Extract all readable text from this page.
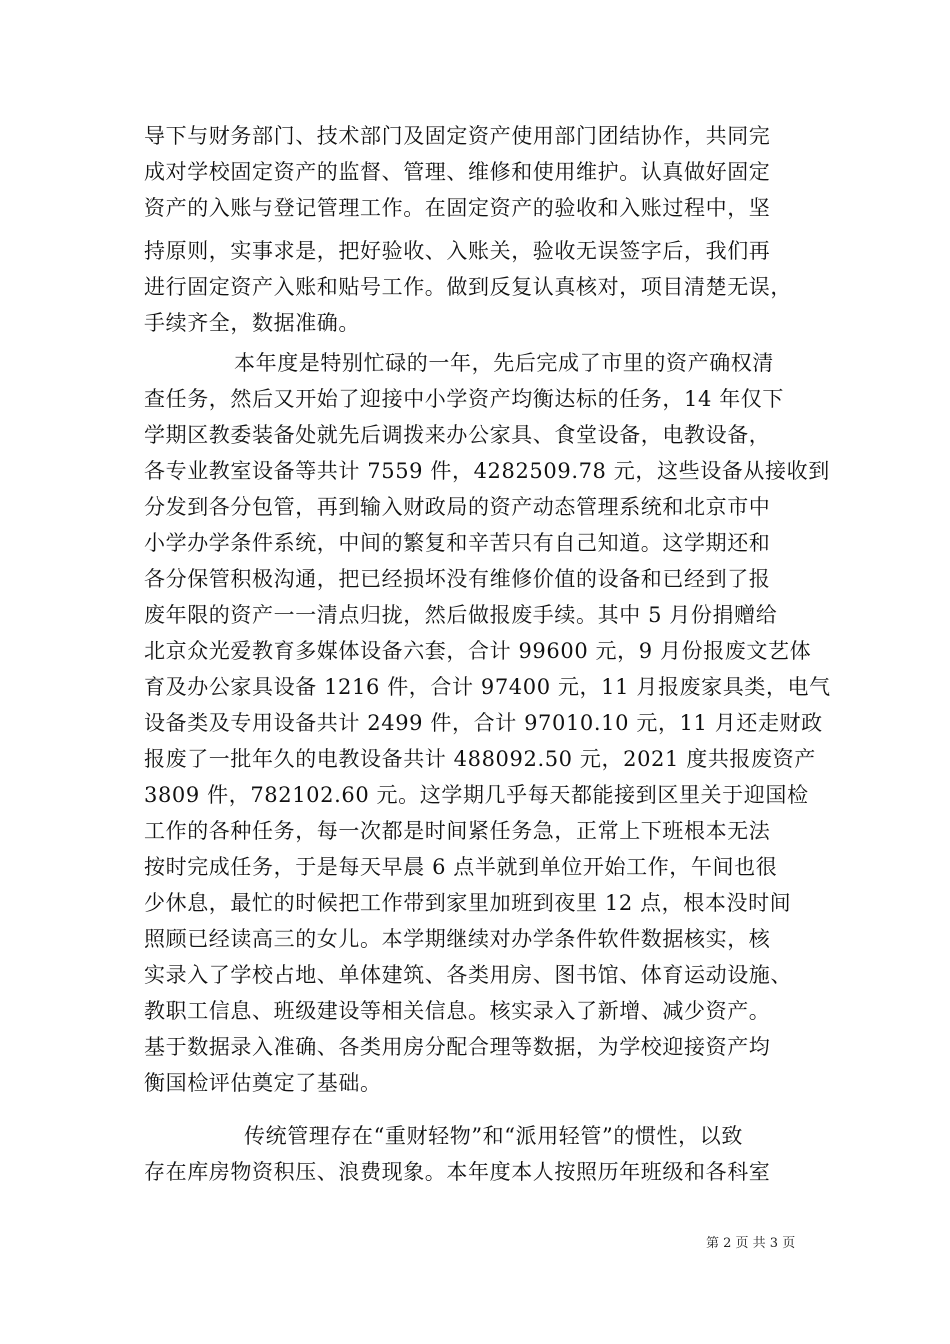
导下与财务部门、技术部门及固定资产使用部门团结协作，共同完
成对学校固定资产的监督、管理、维修和使用维护。认真做好固定
资产的入账与登记管理工作。在固定资产的验收和入账过程中，坚
持原则，实事求是，把好验收、入账关，验收无误签字后，我们再
进行固定资产入账和贴号工作。做到反复认真核对，项目清楚无误，
手续齐全，数据准确。
本年度是特别忙碌的一年，先后完成了市里的资产确权清
查任务，然后又开始了迎接中小学资产均衡达标的任务，14 年仅下
学期区教委装备处就先后调拨来办公家具、食堂设备，电教设备，
各专业教室设备等共计 7559 件，4282509.78 元，这些设备从接收到
分发到各分包管，再到输入财政局的资产动态管理系统和北京市中
小学办学条件系统，中间的繁复和辛苦只有自己知道。这学期还和
各分保管积极沟通，把已经损坏没有维修价值的设备和已经到了报
废年限的资产一一清点归拢，然后做报废手续。其中 5 月份捐赠给
北京众光爱教育多媒体设备六套，合计 99600 元，9 月份报废文艺体
育及办公家具设备 1216 件，合计 97400 元，11 月报废家具类，电气
设备类及专用设备共计 2499 件，合计 97010.10 元，11 月还走财政
报废了一批年久的电教设备共计 488092.50 元，2021 度共报废资产
3809 件，782102.60 元。这学期几乎每天都能接到区里关于迎国检
工作的各种任务，每一次都是时间紧任务急，正常上下班根本无法
按时完成任务，于是每天早晨 6 点半就到单位开始工作，午间也很
少休息，最忙的时候把工作带到家里加班到夜里 12 点，根本没时间
照顾已经读高三的女儿。本学期继续对办学条件软件数据核实，核
实录入了学校占地、单体建筑、各类用房、图书馆、体育运动设施、
教职工信息、班级建设等相关信息。核实录入了新增、减少资产。
基于数据录入准确、各类用房分配合理等数据，为学校迎接资产均
衡国检评估奠定了基础。
传统管理存在“重财轻物”和“派用轻管”的惯性，以致
存在库房物资积压、浪费现象。本年度本人按照历年班级和各科室
第 2 页 共 3 页
